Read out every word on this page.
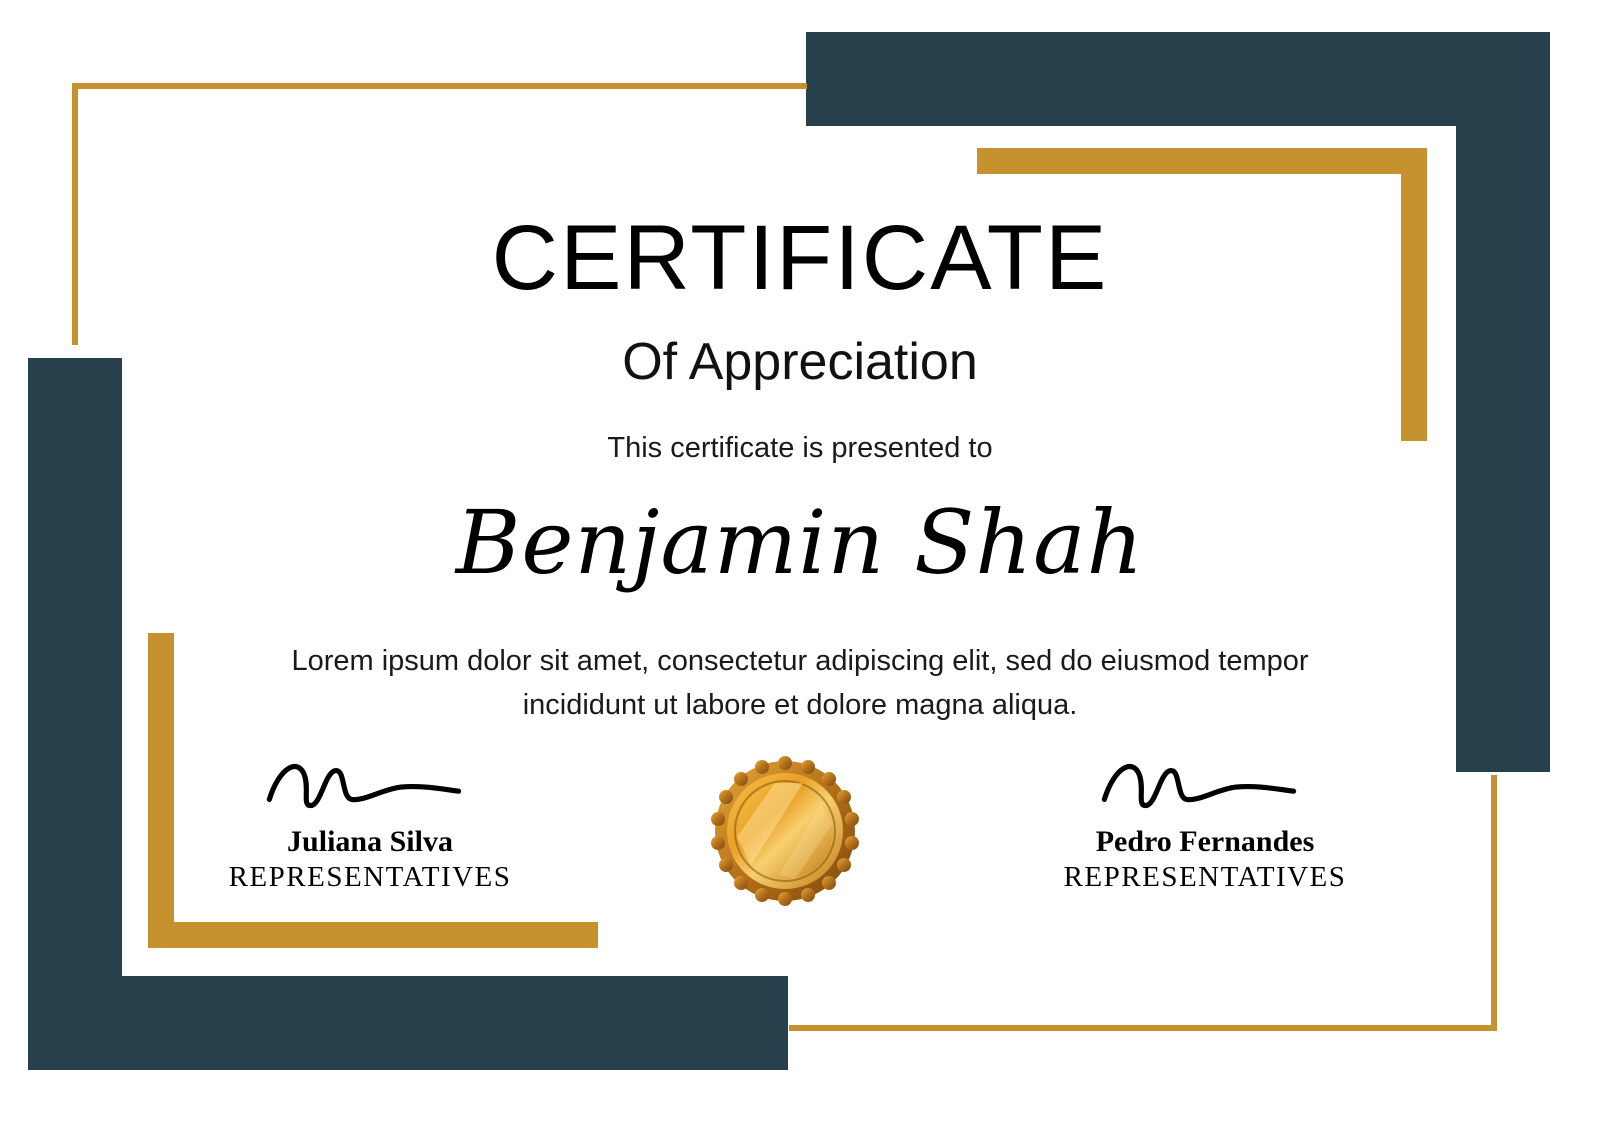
CERTIFICATE
Of Appreciation
This certificate is presented to
Benjamin Shah
Lorem ipsum dolor sit amet, consectetur adipiscing elit, sed do eiusmod tempor incididunt ut labore et dolore magna aliqua.
Juliana Silva
REPRESENTATIVES
Pedro Fernandes
REPRESENTATIVES
